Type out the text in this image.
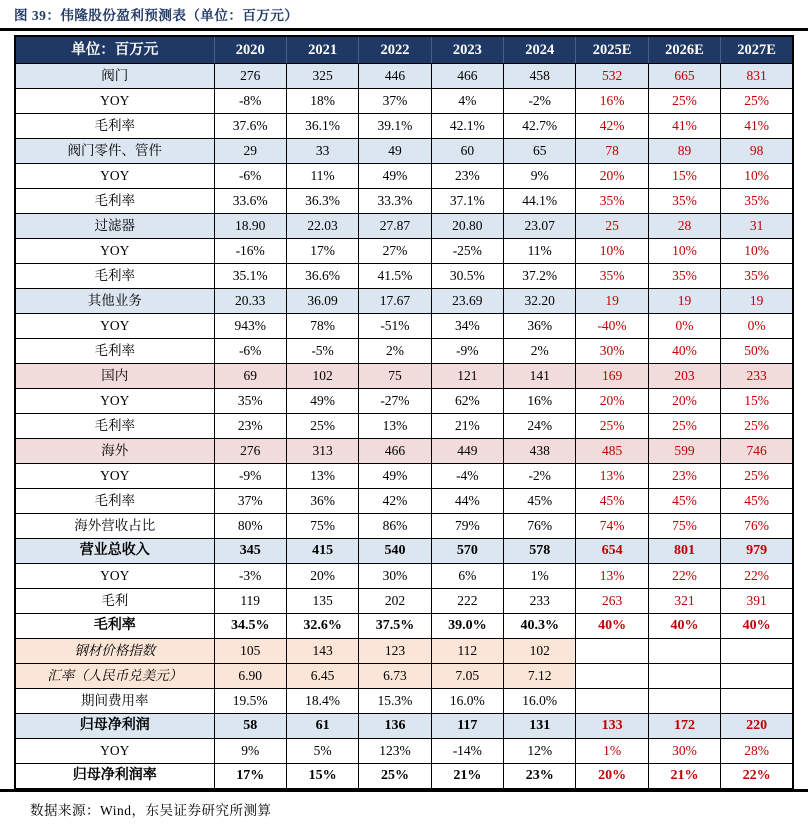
图 39：伟隆股份盈利预测表（单位：百万元）
单位：百万元	2020	2021	2022	2023	2024	2025E	2026E	2027E
阀门	276	325	446	466	458	532	665	831
YOY	-8%	18%	37%	4%	-2%	16%	25%	25%
毛利率	37.6%	36.1%	39.1%	42.1%	42.7%	42%	41%	41%
阀门零件、管件	29	33	49	60	65	78	89	98
YOY	-6%	11%	49%	23%	9%	20%	15%	10%
毛利率	33.6%	36.3%	33.3%	37.1%	44.1%	35%	35%	35%
过滤器	18.90	22.03	27.87	20.80	23.07	25	28	31
YOY	-16%	17%	27%	-25%	11%	10%	10%	10%
毛利率	35.1%	36.6%	41.5%	30.5%	37.2%	35%	35%	35%
其他业务	20.33	36.09	17.67	23.69	32.20	19	19	19
YOY	943%	78%	-51%	34%	36%	-40%	0%	0%
毛利率	-6%	-5%	2%	-9%	2%	30%	40%	50%
国内	69	102	75	121	141	169	203	233
YOY	35%	49%	-27%	62%	16%	20%	20%	15%
毛利率	23%	25%	13%	21%	24%	25%	25%	25%
海外	276	313	466	449	438	485	599	746
YOY	-9%	13%	49%	-4%	-2%	13%	23%	25%
毛利率	37%	36%	42%	44%	45%	45%	45%	45%
海外营收占比	80%	75%	86%	79%	76%	74%	75%	76%
营业总收入	345	415	540	570	578	654	801	979
YOY	-3%	20%	30%	6%	1%	13%	22%	22%
毛利	119	135	202	222	233	263	321	391
毛利率	34.5%	32.6%	37.5%	39.0%	40.3%	40%	40%	40%
钢材价格指数	105	143	123	112	102			
汇率（人民币兑美元）	6.90	6.45	6.73	7.05	7.12			
期间费用率	19.5%	18.4%	15.3%	16.0%	16.0%			
归母净利润	58	61	136	117	131	133	172	220
YOY	9%	5%	123%	-14%	12%	1%	30%	28%
归母净利润率	17%	15%	25%	21%	23%	20%	21%	22%
数据来源：Wind，东吴证券研究所测算
